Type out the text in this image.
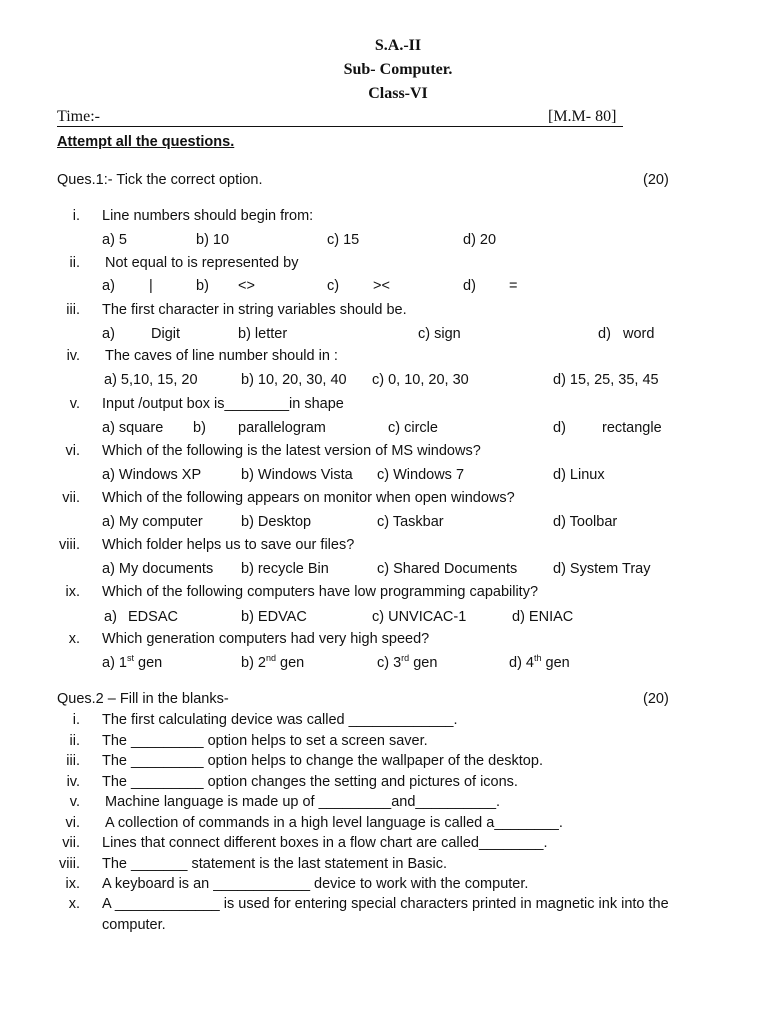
S.A.-II
Sub- Computer.
Class-VI
Time:-	[M.M- 80]
Attempt all the questions.
Ques.1:- Tick the correct option.	(20)
i. Line numbers should begin from:
a) 5	b) 10	c) 15	d) 20
ii. Not equal to is represented by
a) |	b) <>	c) ><	d) =
iii. The first character in string variables should be.
a) Digit	b) letter	c) sign	d) word
iv. The caves of line number should in :
a) 5,10, 15, 20	b) 10, 20, 30, 40 c) 0, 10, 20, 30	d) 15, 25, 35, 45
v. Input /output box is________in shape
a) square b) parallelogram	c) circle	d) rectangle
vi. Which of the following is the latest version of MS windows?
a) Windows XP	b) Windows Vista c) Windows 7	d) Linux
vii. Which of the following appears on monitor when open windows?
a) My computer	b) Desktop	c) Taskbar	d) Toolbar
viii. Which folder helps us to save our files?
a) My documents b) recycle Bin	c) Shared Documents d) System Tray
ix. Which of the following computers have low programming capability?
a) EDSAC	b) EDVAC	c) UNVICAC-1	d) ENIAC
x. Which generation computers had very high speed?
a) 1st gen	b) 2nd gen	c) 3rd gen	d) 4th gen
Ques.2 – Fill in the blanks-	(20)
i. The first calculating device was called _____________.
ii. The _________ option helps to set a screen saver.
iii. The _________ option helps to change the wallpaper of the desktop.
iv. The _________ option changes the setting and pictures of icons.
v. Machine language is made up of _________and__________.
vi. A collection of commands in a high level language is called a________.
vii. Lines that connect different boxes in a flow chart are called________.
viii. The _______ statement is the last statement in Basic.
ix. A keyboard is an ____________ device to work with the computer.
x. A _____________ is used for entering special characters printed in magnetic ink into the
computer.
